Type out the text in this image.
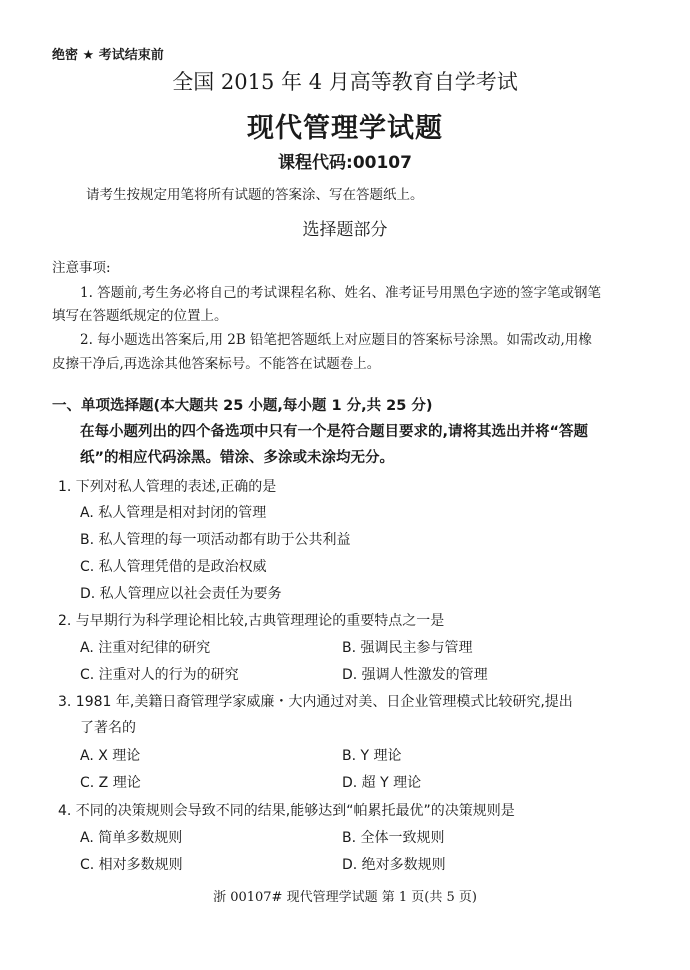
绝密 ★ 考试结束前
全国 2015 年 4 月高等教育自学考试
现代管理学试题
课程代码:00107
请考生按规定用笔将所有试题的答案涂、写在答题纸上。
选择题部分
注意事项:
1. 答题前,考生务必将自己的考试课程名称、姓名、准考证号用黑色字迹的签字笔或钢笔
填写在答题纸规定的位置上。
2. 每小题选出答案后,用 2B 铅笔把答题纸上对应题目的答案标号涂黑。如需改动,用橡
皮擦干净后,再选涂其他答案标号。不能答在试题卷上。
一、单项选择题(本大题共 25 小题,每小题 1 分,共 25 分)
在每小题列出的四个备选项中只有一个是符合题目要求的,请将其选出并将“答题
纸”的相应代码涂黑。错涂、多涂或未涂均无分。
1. 下列对私人管理的表述,正确的是
A. 私人管理是相对封闭的管理
B. 私人管理的每一项活动都有助于公共利益
C. 私人管理凭借的是政治权威
D. 私人管理应以社会责任为要务
2. 与早期行为科学理论相比较,古典管理理论的重要特点之一是
A. 注重对纪律的研究	B. 强调民主参与管理
C. 注重对人的行为的研究	D. 强调人性激发的管理
3. 1981 年,美籍日裔管理学家威廉・大内通过对美、日企业管理模式比较研究,提出
了著名的
A. X 理论	B. Y 理论
C. Z 理论	D. 超 Y 理论
4. 不同的决策规则会导致不同的结果,能够达到“帕累托最优”的决策规则是
A. 简单多数规则	B. 全体一致规则
C. 相对多数规则	D. 绝对多数规则
浙 00107# 现代管理学试题 第 1 页(共 5 页)
